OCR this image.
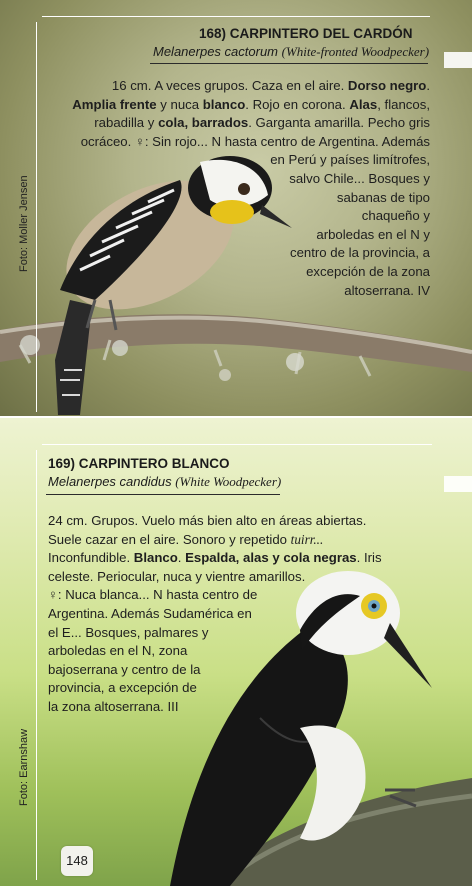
168) CARPINTERO DEL CARDÓN
Melanerpes cactorum (White-fronted Woodpecker)
16 cm. A veces grupos. Caza en el aire. Dorso negro.
Amplia frente y nuca blanco. Rojo en corona. Alas, flancos,
rabadilla y cola, barrados. Garganta amarilla. Pecho gris
ocráceo. ♀: Sin rojo... N hasta centro de Argentina. Además
en Perú y países limítrofes,
salvo Chile... Bosques y
sabanas de tipo
chaqueño y
arboledas en el N y
centro de la provincia, a
excepción de la zona
altoserrana. IV
Foto: Moller Jensen
169) CARPINTERO BLANCO
Melanerpes candidus (White Woodpecker)
Foto: Earnshaw
24 cm. Grupos. Vuelo más bien alto en áreas abiertas.
Suele cazar en el aire. Sonoro y repetido tuirr...
Inconfundible. Blanco. Espalda, alas y cola negras. Iris
celeste. Periocular, nuca y vientre amarillos.
♀: Nuca blanca... N hasta centro de
Argentina. Además Sudamérica en
el E... Bosques, palmares y
arboledas en el N, zona
bajoserrana y centro de la
provincia, a excepción de
la zona altoserrana. III
148
